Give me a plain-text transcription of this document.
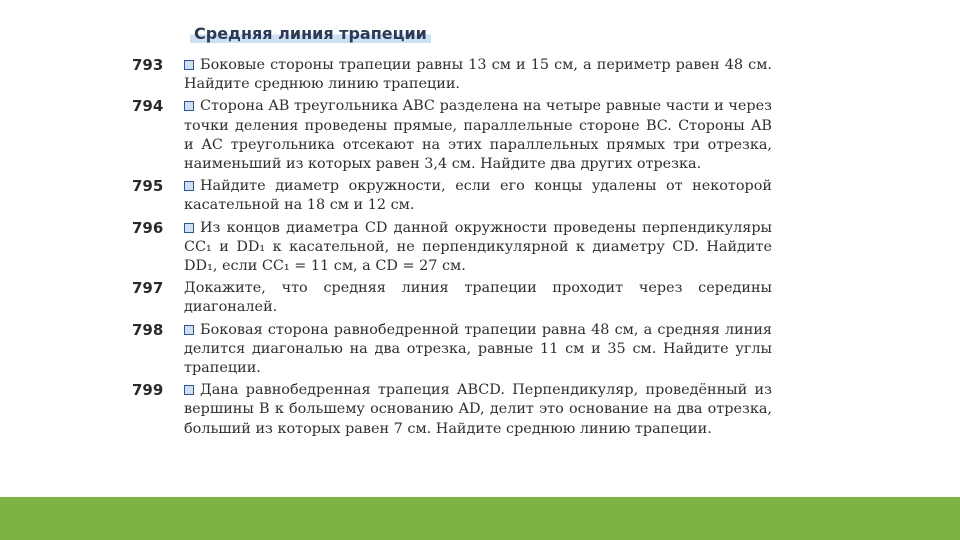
Средняя линия трапеции
793	Боковые стороны трапеции равны 13 см и 15 см, а периметр равен 48 см. Найдите среднюю линию трапеции.
794	Сторона AB треугольника ABC разделена на четыре равные части и через точки деления проведены прямые, параллельные стороне BC. Стороны AB и AC треугольника отсекают на этих параллельных прямых три отрезка, наименьший из которых равен 3,4 см. Найдите два других отрезка.
795	Найдите диаметр окружности, если его концы удалены от некоторой касательной на 18 см и 12 см.
796	Из концов диаметра CD данной окружности проведены перпендикуляры CC₁ и DD₁ к касательной, не перпендикулярной к диаметру CD. Найдите DD₁, если CC₁ = 11 см, а CD = 27 см.
797	Докажите, что средняя линия трапеции проходит через середины диагоналей.
798	Боковая сторона равнобедренной трапеции равна 48 см, а средняя линия делится диагональю на два отрезка, равные 11 см и 35 см. Найдите углы трапеции.
799	Дана равнобедренная трапеция ABCD. Перпендикуляр, проведённый из вершины B к большему основанию AD, делит это основание на два отрезка, больший из которых равен 7 см. Найдите среднюю линию трапеции.
